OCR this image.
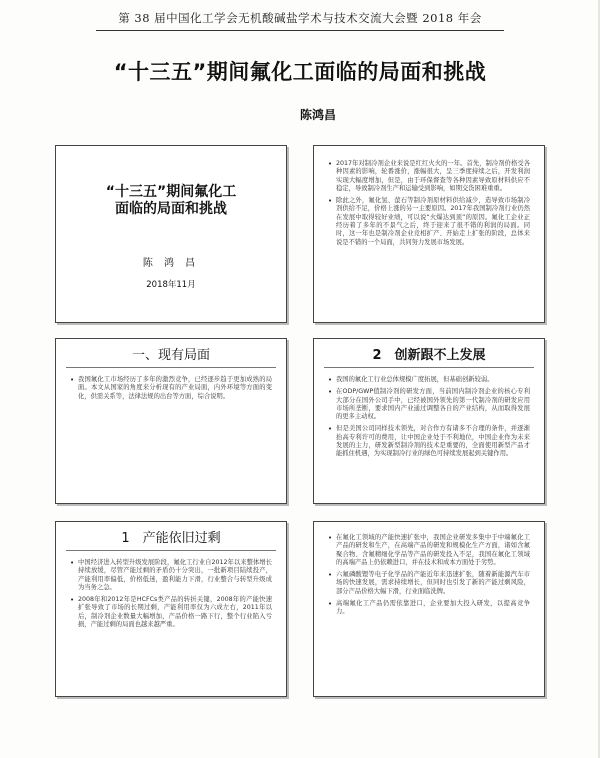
第 38 届中国化工学会无机酸碱盐学术与技术交流大会暨 2018 年会
“十三五”期间氟化工面临的局面和挑战
陈鸿昌
“十三五”期间氟化工
面临的局面和挑战
陈 鸿 昌
2018年11月
• 2017年对制冷剂企业来说是红红火火的一年。首先，制冷剂价格受各种因素的影响，轮番涨价，涨幅很大，呈三季度持续之后，开发利润实现大幅度增加，但是，由于环保督查等各种因素导致原材料供应不稳定，导致制冷剂生产和运输受到影响，如期交货困难重重。
• 除此之外，氟化氢、萤石等制冷剂原材料供给减少，造导致市场制冷剂供给不足，价格上涨的另一主要原因。2017年我国制冷剂行业仍然在发展中取得较好业绩，可以说“火爆达到顶”的原因。氟化工企业正经历着了多年的不景气之后，终于迎来了很不错的利润的局面。同时，这一年也是制冷剂企业竞相扩产、开始走上扩张的阶段，总体来说是不错的一个局面，共同努力发展市场发展。
一、现有局面
• 我国氟化工市场经历了多年的激烈竞争，已经逐步趋于更加成熟的局面。本文从国家的角度来分析现有的产业局面，内外环境等方面的变化，供需关系等，法律法规的出台等方面，综合说明。
2　创新跟不上发展
• 我国的氟化工行业总体规模广度拓展，但基础创新较弱。
• 在ODP/GWP值制冷剂的研发方面，当前国内制冷剂企业的核心专利大部分在国外公司手中，已经被国外领先的第一代制冷剂的研发应用市场所垄断，要求国内产业通过调整各自的产业结构，从而取得发展的更多主动权。
• 但是美国公司同样技术领先，对合作方有诸多不合理的条件，并逐渐抬高专利许可的费用，让中国企业处于不利地位，中国企业作为未来发展的主力，研发新型制冷剂的技术是重要的，全面使用新型产品才能抓住机遇，为实现制冷行业的绿色可持续发展起到关键作用。
1　产能依旧过剩
• 中国经济进入转型升级发展阶段，氟化工行业自2012年以来整体增长持续放缓，尽管产能过剩的矛盾仍十分突出，一批新项目陆续投产，产能利用率偏低，价格低迷，盈利能力下滑，行业整合与转型升级成为当务之急。
• 2008年和2012年是HCFCs类产品的转折关键，2008年的产能快速扩张导致了市场的长期过剩，产能利用率仅为六成左右，2011年以后，制冷剂企业数量大幅增加，产品价格一路下行，整个行业陷入亏损，产能过剩的局面也越来越严重。
• 在氟化工领域的产能快速扩张中，我国企业研发多集中于中端氟化工产品的研发和生产，在高端产品的研发和规模化生产方面，诸如含氟聚合物、含氟精细化学品等产品的研发投入不足，我国在氟化工领域的高端产品上仍依赖进口，并在技术和成本方面处于劣势。
• 六氟磷酸锂等电子化学品的产能近年来迅速扩张，随着新能源汽车市场的快速发展，需求持续增长，但同时也引发了新的产能过剩风险，部分产品价格大幅下滑，行业面临洗牌。
• 高端氟化工产品仍需依靠进口，企业要加大投入研发，以提高竞争力。
